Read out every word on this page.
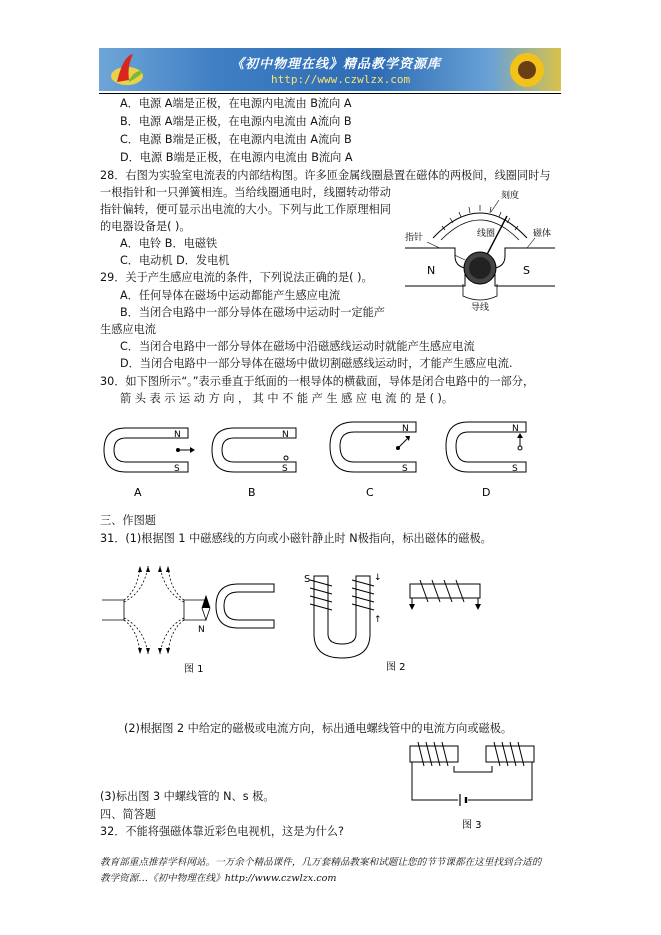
《初中物理在线》精品教学资源库
http://www.czwlzx.com
A．电源 A端是正极，在电源内电流由 B流向 A
B．电源 A端是正极，在电源内电流由 A流向 B
C．电源 B端是正极，在电源内电流由 A流向 B
D．电源 B端是正极，在电源内电流由 B流向 A
28．右图为实验室电流表的内部结构图。许多匝金属线圈悬置在磁体的两极间，线圈同时与
一根指针和一只弹簧相连。当给线圈通电时，线圈转动带动
指针偏转，便可显示出电流的大小。下列与此工作原理相同
的电器设备是( )。
A．电铃 B．电磁铁
C．电动机 D．发电机
刻度
指针	线圈	磁体
N	S
导线
29．关于产生感应电流的条件，下列说法正确的是( )。
A．任何导体在磁场中运动都能产生感应电流
B．当闭合电路中一部分导体在磁场中运动时一定能产
生感应电流
C．当闭合电路中一部分导体在磁场中沿磁感线运动时就能产生感应电流
D．当闭合电路中一部分导体在磁场中做切割磁感线运动时，才能产生感应电流.
30．如下图所示“。”表示垂直于纸面的一根导体的横截面，导体是闭合电路中的一部分，
箭 头 表 示 运 动 方 向 ， 其 中 不 能 产 生 感 应 电 流 的 是 ( )。
N
S
A
N
S
B
N
S
C
N
S
D
三、作图题
31．(1)根据图 1 中磁感线的方向或小磁针静止时 N极指向，标出磁体的磁极。
N
图 1
S	↓
↑
图 2
(2)根据图 2 中给定的磁极或电流方向，标出通电螺线管中的电流方向或磁极。
图 3
(3)标出图 3 中螺线管的 N、s 极。
四、简答题
32．不能将强磁体靠近彩色电视机，这是为什么?
教育部重点推荐学科网站。一万余个精品课件，几万套精品教案和试题让您的节节课都在这里找到合适的
教学资源…《初中物理在线》http://www.czwlzx.com
